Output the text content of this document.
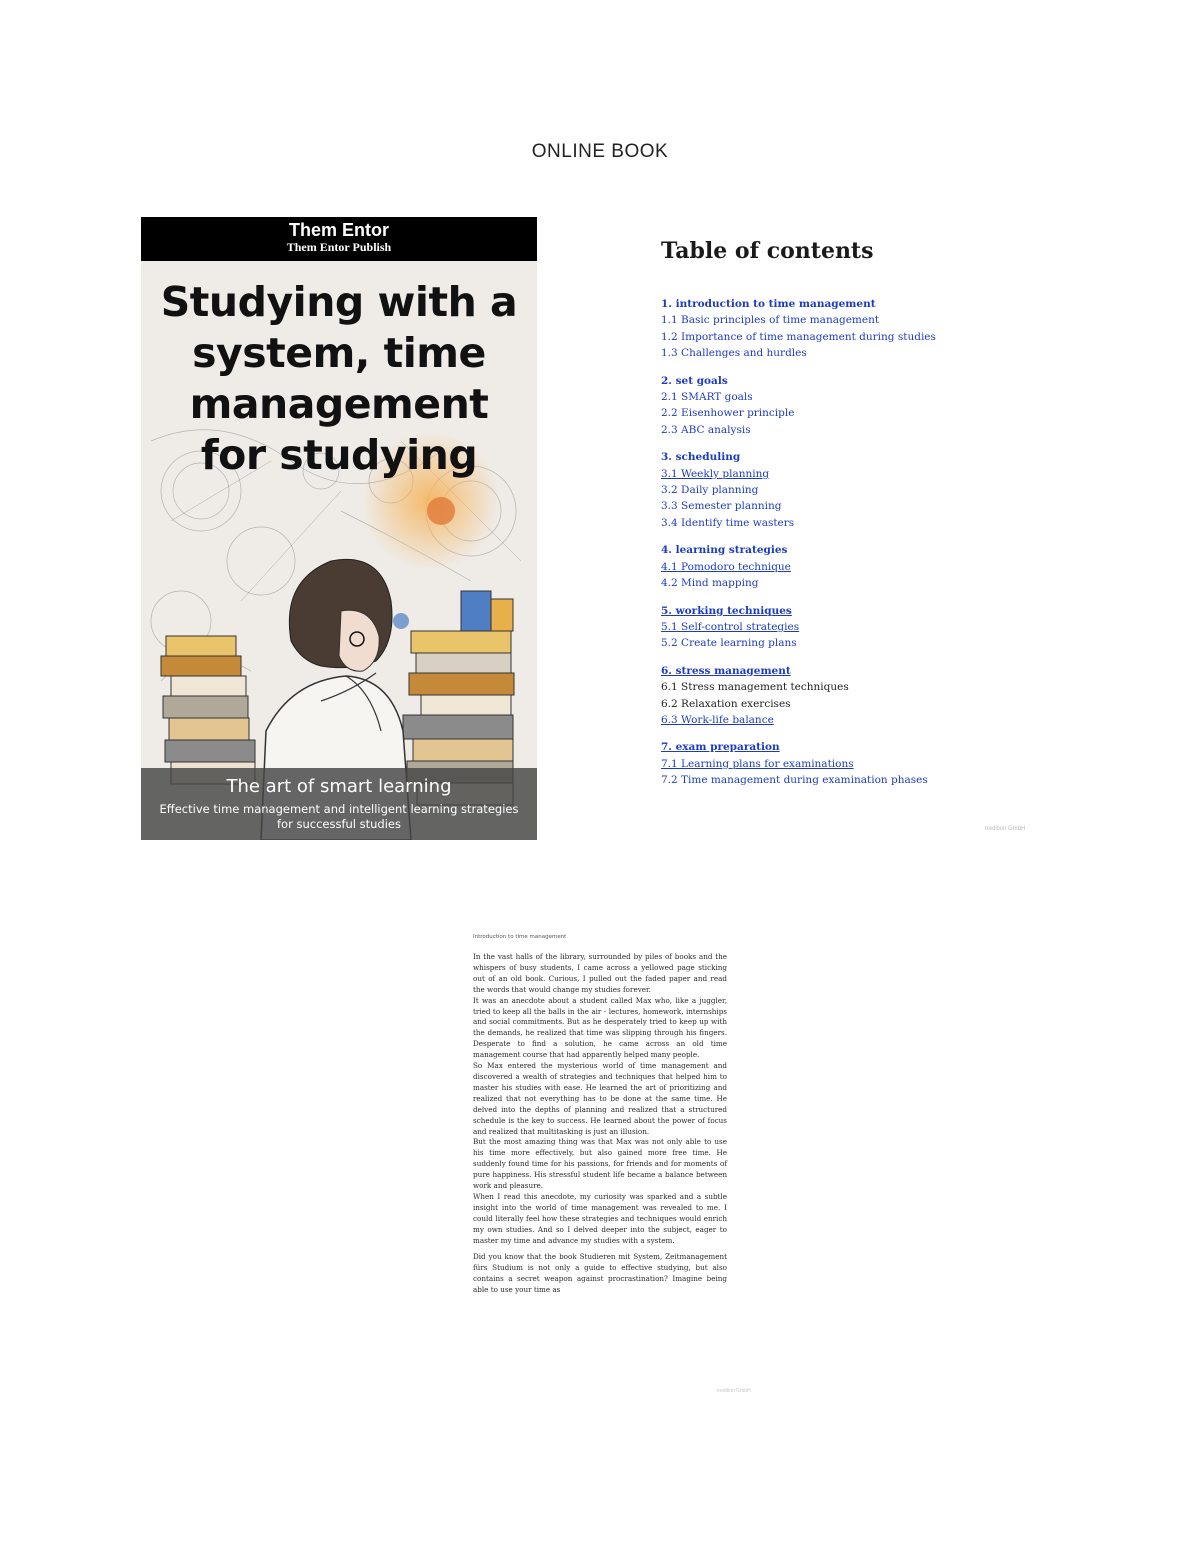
ONLINE BOOK
Them Entor
Them Entor Publish
Studying with a
system, time
management
for studying
The art of smart learning
Effective time management and intelligent learning strategies for successful studies
Table of contents
1. introduction to time management
1.1 Basic principles of time management
1.2 Importance of time management during studies
1.3 Challenges and hurdles
2. set goals
2.1 SMART goals
2.2 Eisenhower principle
2.3 ABC analysis
3. scheduling
3.1 Weekly planning
3.2 Daily planning
3.3 Semester planning
3.4 Identify time wasters
4. learning strategies
4.1 Pomodoro technique
4.2 Mind mapping
5. working techniques
5.1 Self-control strategies
5.2 Create learning plans
6. stress management
6.1 Stress management techniques
6.2 Relaxation exercises
6.3 Work-life balance
7. exam preparation
7.1 Learning plans for examinations
7.2 Time management during examination phases
tredition GmbH
Introduction to time management

In the vast halls of the library, surrounded by piles of books and the whispers of busy students, I came across a yellowed page sticking out of an old book. Curious, I pulled out the faded paper and read the words that would change my studies forever.

It was an anecdote about a student called Max who, like a juggler, tried to keep all the balls in the air - lectures, homework, internships and social commitments. But as he desperately tried to keep up with the demands, he realized that time was slipping through his fingers. Desperate to find a solution, he came across an old time management course that had apparently helped many people.

So Max entered the mysterious world of time management and discovered a wealth of strategies and techniques that helped him to master his studies with ease. He learned the art of prioritizing and realized that not everything has to be done at the same time. He delved into the depths of planning and realized that a structured schedule is the key to success. He learned about the power of focus and realized that multitasking is just an illusion.

But the most amazing thing was that Max was not only able to use his time more effectively, but also gained more free time. He suddenly found time for his passions, for friends and for moments of pure happiness. His stressful student life became a balance between work and pleasure.

When I read this anecdote, my curiosity was sparked and a subtle insight into the world of time management was revealed to me. I could literally feel how these strategies and techniques would enrich my own studies. And so I delved deeper into the subject, eager to master my time and advance my studies with a system.

Did you know that the book Studieren mit System, Zeitmanagement fürs Studium is not only a guide to effective studying, but also contains a secret weapon against procrastination? Imagine being able to use your time as

tredition GmbH
